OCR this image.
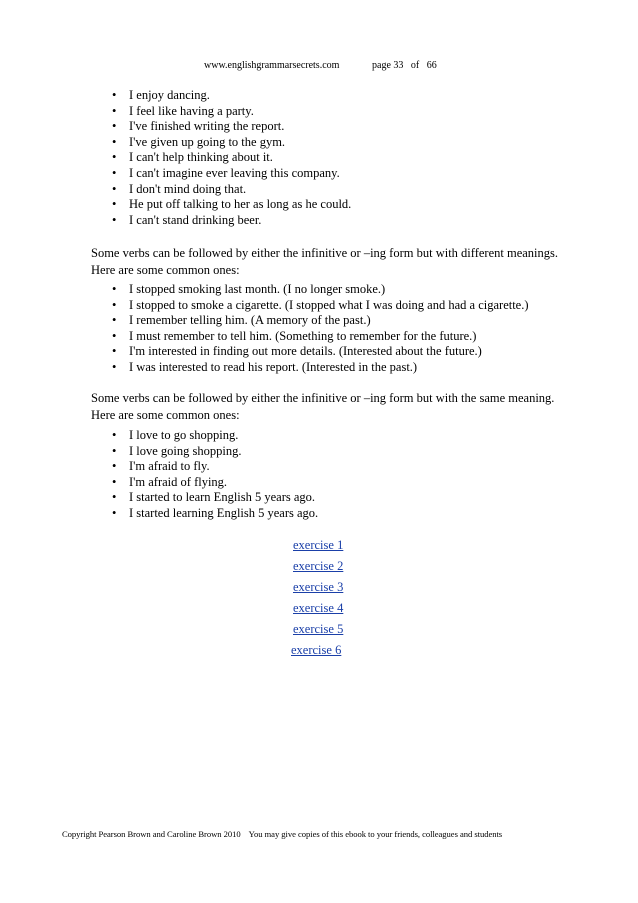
www.englishgrammarsecrets.com	page 33   of   66
• I enjoy dancing.
• I feel like having a party.
• I've finished writing the report.
• I've given up going to the gym.
• I can't help thinking about it.
• I can't imagine ever leaving this company.
• I don't mind doing that.
• He put off talking to her as long as he could.
• I can't stand drinking beer.

Some verbs can be followed by either the infinitive or –ing form but with different meanings. Here are some common ones:

• I stopped smoking last month. (I no longer smoke.)
• I stopped to smoke a cigarette. (I stopped what I was doing and had a cigarette.)
• I remember telling him. (A memory of the past.)
• I must remember to tell him. (Something to remember for the future.)
• I'm interested in finding out more details. (Interested about the future.)
• I was interested to read his report. (Interested in the past.)

Some verbs can be followed by either the infinitive or –ing form but with the same meaning. Here are some common ones:

• I love to go shopping.
• I love going shopping.
• I'm afraid to fly.
• I'm afraid of flying.
• I started to learn English 5 years ago.
• I started learning English 5 years ago.
exercise 1
exercise 2
exercise 3
exercise 4
exercise 5
exercise 6
Copyright Pearson Brown and Caroline Brown 2010    You may give copies of this ebook to your friends, colleagues and students
